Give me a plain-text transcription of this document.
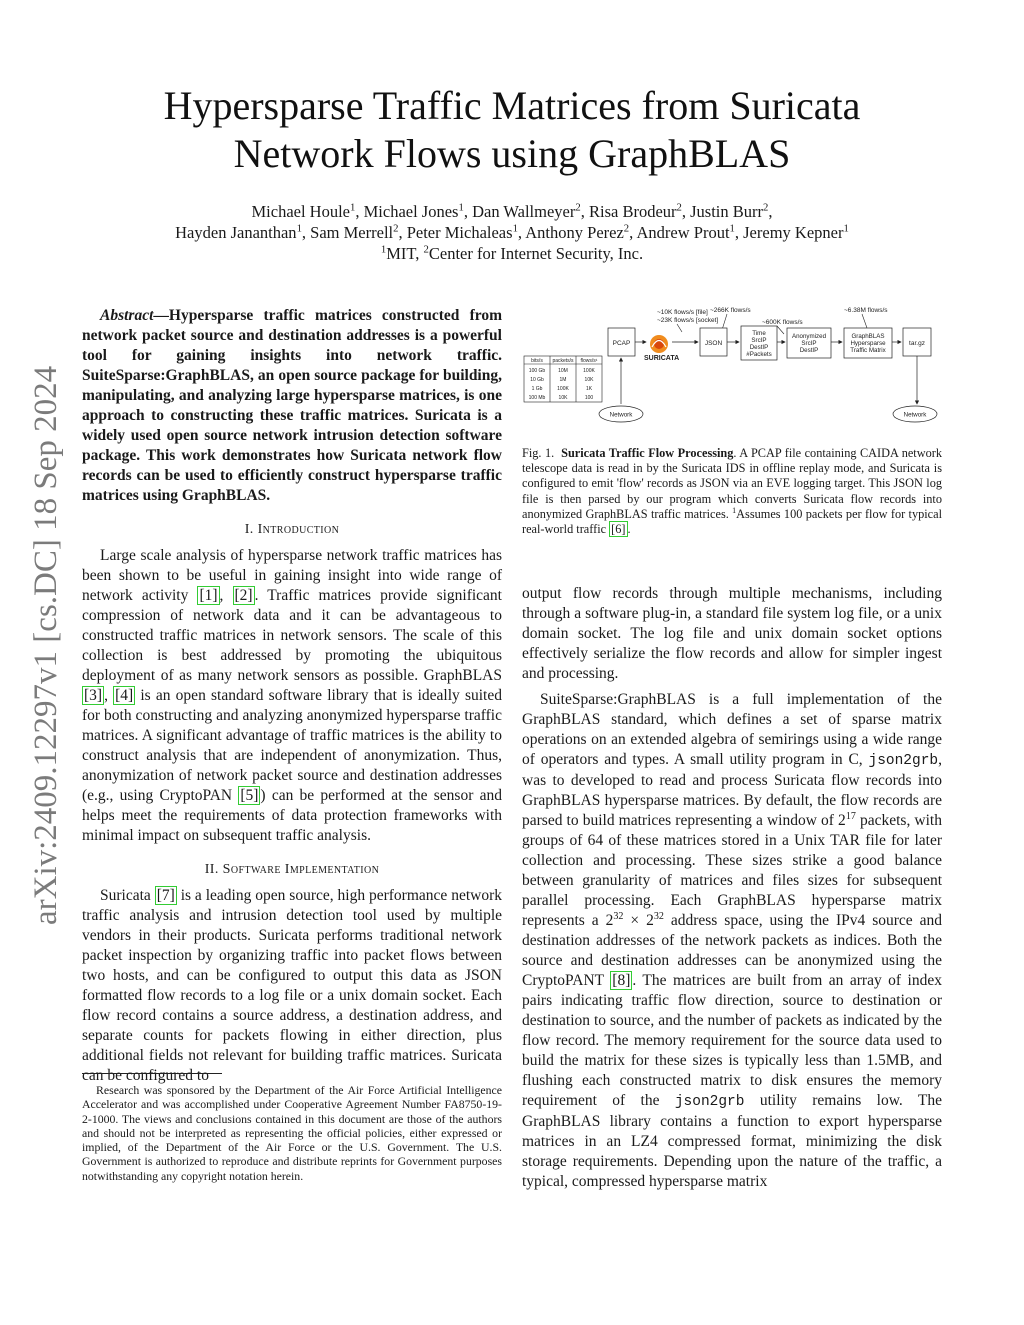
arXiv:2409.12297v1 [cs.DC] 18 Sep 2024
Hypersparse Traffic Matrices from Suricata Network Flows using GraphBLAS
Michael Houle$^1$, Michael Jones$^1$, Dan Wallmeyer$^2$, Risa Brodeur$^2$, Justin Burr$^2$,
Hayden Jananthan$^1$, Sam Merrell$^2$, Peter Michaleas$^1$, Anthony Perez$^2$, Andrew Prout$^1$, Jeremy Kepner$^1$
$^1$MIT, $^2$Center for Internet Security, Inc.

Abstract—Hypersparse traffic matrices constructed from network packet source and destination addresses is a powerful tool for gaining insights into network traffic. SuiteSparse:GraphBLAS, an open source package for building, manipulating, and analyzing large hypersparse matrices, is one approach to constructing these traffic matrices. Suricata is a widely used open source network intrusion detection software package. This work demonstrates how Suricata network flow records can be used to efficiently construct hypersparse traffic matrices using GraphBLAS.

I. Introduction

Large scale analysis of hypersparse network traffic matrices has been shown to be useful in gaining insight into wide range of network activity [1] , [2] . Traffic matrices provide significant compression of network data and it can be advantageous to constructed traffic matrices in network sensors. The scale of this collection is best addressed by promoting the ubiquitous deployment of as many network sensors as possible. GraphBLAS [3] , [4] is an open standard software library that is ideally suited for both constructing and analyzing anonymized hypersparse traffic matrices. A significant advantage of traffic matrices is the ability to construct analysis that are independent of anonymization. Thus, anonymization of network packet source and destination addresses (e.g., using CryptoPAN [5] ) can be performed at the sensor and helps meet the requirements of data protection frameworks with minimal impact on subsequent traffic analysis.

II. Software Implementation

Suricata [7] is a leading open source, high performance network traffic analysis and intrusion detection tool used by multiple vendors in their products. Suricata performs traditional network packet inspection by organizing traffic into packet flows between two hosts, and can be configured to output this data as JSON formatted flow records to a log file or a unix domain socket. Each flow record contains a source address, a destination address, and separate counts for packets flowing in either direction, plus additional fields not relevant for building traffic matrices. Suricata can be configured to

Research was sponsored by the Department of the Air Force Artificial Intelligence Accelerator and was accomplished under Cooperative Agreement Number FA8750-19-2-1000. The views and conclusions contained in this document are those of the authors and should not be interpreted as representing the official policies, either expressed or implied, of the Department of the Air Force or the U.S. Government. The U.S. Government is authorized to reproduce and distribute reprints for Government purposes notwithstanding any copyright notation herein.

~10K flows/s [file]
~23K flows/s [socket]
~266K flows/s
~600K flows/s
~6.38M flows/s
PCAP
SURICATA
JSON
Time
SrcIP
DestIP
#Packets
Anonymized
SrcIP
DestIP
GraphBLAS
Hypersparse
Traffic Matrix
tar.gz
Network	Network
bits/s packets/s flows/s¹
100 Gb	10M	100K
10 Gb	1M	10K
1 Gb	100K	1K
100 Mb	10K	100

Fig. 1. Suricata Traffic Flow Processing. A PCAP file containing CAIDA network telescope data is read in by the Suricata IDS in offline replay mode, and Suricata is configured to emit 'flow' records as JSON via an EVE logging target. This JSON log file is then parsed by our program which converts Suricata flow records into anonymized GraphBLAS traffic matrices. $^1$Assumes 100 packets per flow for typical real-world traffic [6] .

output flow records through multiple mechanisms, including through a software plug-in, a standard file system log file, or a unix domain socket. The log file and unix domain socket options effectively serialize the flow records and allow for simpler ingest and processing.

SuiteSparse:GraphBLAS is a full implementation of the GraphBLAS standard, which defines a set of sparse matrix operations on an extended algebra of semirings using a wide range of operators and types. A small utility program in C, json2grb, was to developed to read and process Suricata flow records into GraphBLAS hypersparse matrices. By default, the flow records are parsed to build matrices representing a window of $2^{17}$ packets, with groups of 64 of these matrices stored in a Unix TAR file for later collection and processing. These sizes strike a good balance between granularity of matrices and files sizes for subsequent parallel processing. Each GraphBLAS hypersparse matrix represents a $2^{32} \times 2^{32}$ address space, using the IPv4 source and destination addresses of the network packets as indices. Both the source and destination addresses can be anonymized using the CryptoPANT [8] . The matrices are built from an array of index pairs indicating traffic flow direction, source to destination or destination to source, and the number of packets as indicated by the flow record. The memory requirement for the source data used to build the matrix for these sizes is typically less than 1.5MB, and flushing each constructed matrix to disk ensures the memory requirement of the json2grb utility remains low. The GraphBLAS library contains a function to export hypersparse matrices in an LZ4 compressed format, minimizing the disk storage requirements. Depending upon the nature of the traffic, a typical, compressed hypersparse matrix
